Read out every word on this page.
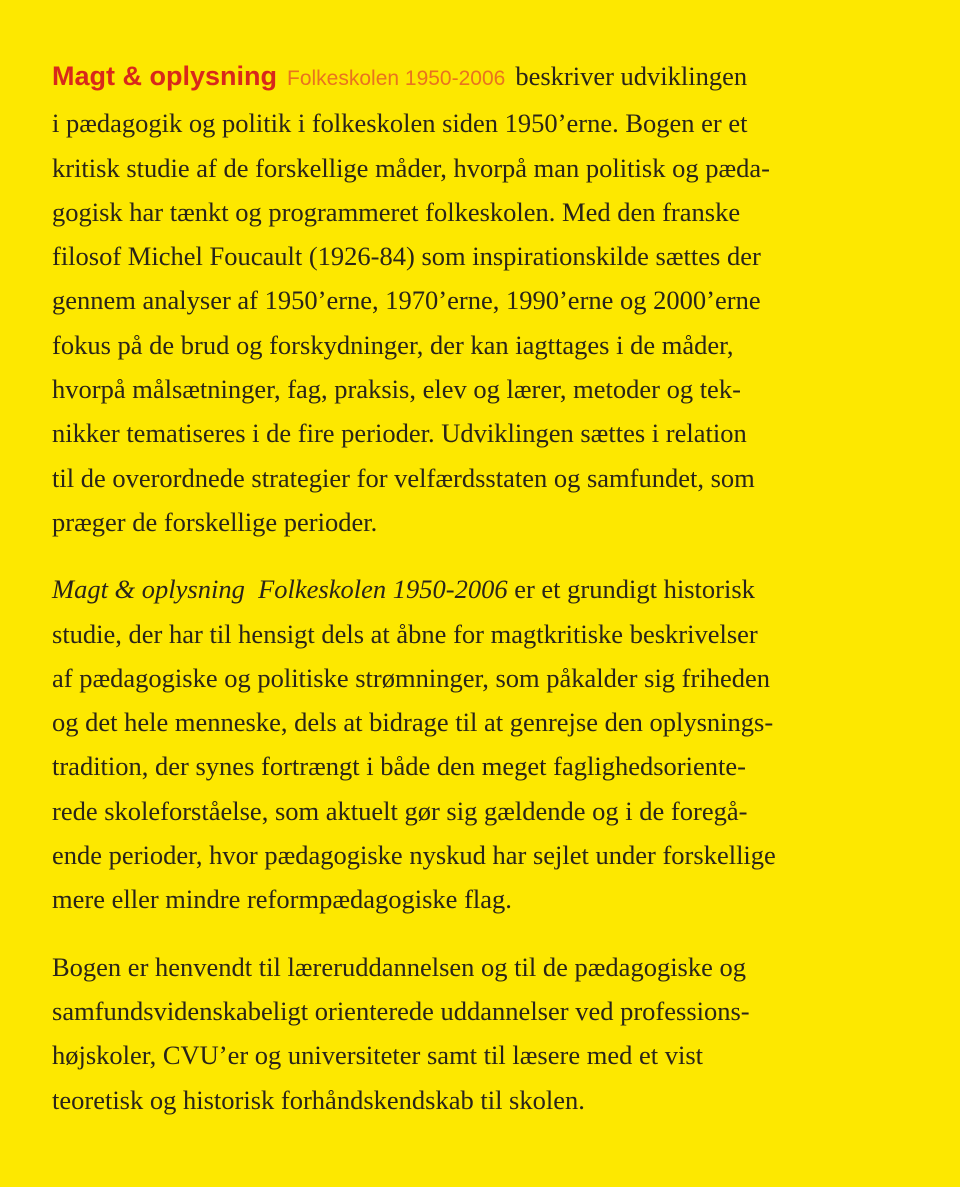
Magt & oplysning Folkeskolen 1950-2006 beskriver udviklingen
i pædagogik og politik i folkeskolen siden 1950’erne. Bogen er et
kritisk studie af de forskellige måder, hvorpå man politisk og pæda-
gogisk har tænkt og programmeret folkeskolen. Med den franske
filosof Michel Foucault (1926-84) som inspirationskilde sættes der
gennem analyser af 1950’erne, 1970’erne, 1990’erne og 2000’erne
fokus på de brud og forskydninger, der kan iagttages i de måder,
hvorpå målsætninger, fag, praksis, elev og lærer, metoder og tek-
nikker tematiseres i de fire perioder. Udviklingen sættes i relation
til de overordnede strategier for velfærdsstaten og samfundet, som
præger de forskellige perioder.

Magt & oplysning  Folkeskolen 1950-2006 er et grundigt historisk
studie, der har til hensigt dels at åbne for magtkritiske beskrivelser
af pædagogiske og politiske strømninger, som påkalder sig friheden
og det hele menneske, dels at bidrage til at genrejse den oplysnings-
tradition, der synes fortrængt i både den meget faglighedsoriente-
rede skoleforståelse, som aktuelt gør sig gældende og i de foregå-
ende perioder, hvor pædagogiske nyskud har sejlet under forskellige
mere eller mindre reformpædagogiske flag.

Bogen er henvendt til læreruddannelsen og til de pædagogiske og
samfundsvidenskabeligt orienterede uddannelser ved professions-
højskoler, CVU’er og universiteter samt til læsere med et vist
teoretisk og historisk forhåndskendskab til skolen.
